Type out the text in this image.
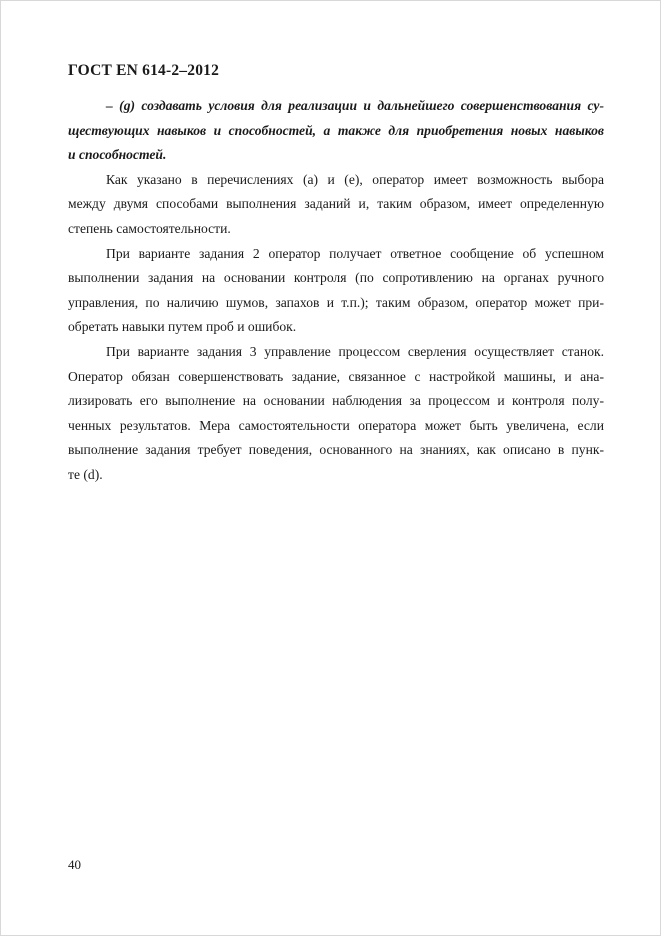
ГОСТ EN 614-2–2012
– (g) создавать условия для реализации и дальнейшего совершенствования су-
ществующих навыков и способностей, а также для приобретения новых навыков
и способностей.
Как указано в перечислениях (а) и (е), оператор имеет возможность выбора
между двумя способами выполнения заданий и, таким образом, имеет определенную
степень самостоятельности.
При варианте задания 2 оператор получает ответное сообщение об успешном
выполнении задания на основании контроля (по сопротивлению на органах ручного
управления, по наличию шумов, запахов и т.п.); таким образом, оператор может при-
обретать навыки путем проб и ошибок.
При варианте задания 3 управление процессом сверления осуществляет станок.
Оператор обязан совершенствовать задание, связанное с настройкой машины, и ана-
лизировать его выполнение на основании наблюдения за процессом и контроля полу-
ченных результатов. Мера самостоятельности оператора может быть увеличена, если
выполнение задания требует поведения, основанного на знаниях, как описано в пунк-
те (d).
40
